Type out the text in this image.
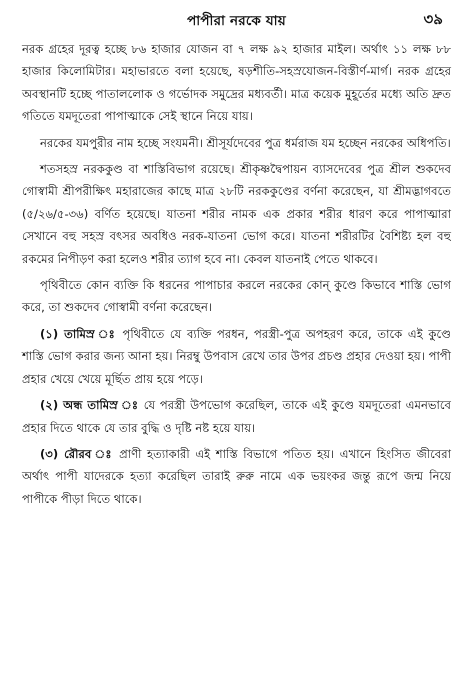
পাপীরা নরকে যায়	৩৯

নরক গ্রহের দূরত্ব হচ্ছে ৮৬ হাজার যোজন বা ৭ লক্ষ ৯২ হাজার মাইল। অর্থাৎ ১১ লক্ষ ৮৮ হাজার কিলোমিটার। মহাভারতে বলা হয়েছে, ষড়শীতি-সহস্রযোজন-বিস্তীর্ণ-মার্গ। নরক গ্রহের অবস্থানটি হচ্ছে পাতাললোক ও গর্ভোদক সমুদ্রের মধ্যবর্তী। মাত্র কয়েক মুহূর্তের মধ্যে অতি দ্রুত গতিতে যমদূতেরা পাপাত্মাকে সেই স্থানে নিয়ে যায়।

নরকের যমপুরীর নাম হচ্ছে সংযমনী। শ্রীসূর্যদেবের পুত্র ধর্মরাজ যম হচ্ছেন নরকের অধিপতি।

শতসহস্র নরককুণ্ড বা শাস্তিবিভাগ রয়েছে। শ্রীকৃষ্ণদ্বৈপায়ন ব্যাসদেবের পুত্র শ্রীল শুকদেব গোস্বামী শ্রীপরীক্ষিৎ মহারাজের কাছে মাত্র ২৮টি নরককুণ্ডের বর্ণনা করেছেন, যা শ্রীমদ্ভাগবতে (৫/২৬/৫-৩৬) বর্ণিত হয়েছে। যাতনা শরীর নামক এক প্রকার শরীর ধারণ করে পাপাত্মারা সেখানে বহু সহস্র বৎসর অবধিও নরক-যাতনা ভোগ করে। যাতনা শরীরটির বৈশিষ্ট্য হল বহু রকমের নিপীড়ণ করা হলেও শরীর ত্যাগ হবে না। কেবল যাতনাই পেতে থাকবে।

পৃথিবীতে কোন ব্যক্তি কি ধরনের পাপাচার করলে নরকের কোন্ কুণ্ডে কিভাবে শাস্তি ভোগ করে, তা শুকদেব গোস্বামী বর্ণনা করেছেন।

(১) তামিস্র ঃ পৃথিবীতে যে ব্যক্তি পরধন, পরস্ত্রী-পুত্র অপহরণ করে, তাকে এই কুণ্ডে শাস্তি ভোগ করার জন্য আনা হয়। নিরম্বু উপবাস রেখে তার উপর প্রচণ্ড প্রহার দেওয়া হয়। পাপী প্রহার খেয়ে খেয়ে মূর্ছিত প্রায় হয়ে পড়ে।

(২) অন্ধ তামিস্র ঃ যে পরস্ত্রী উপভোগ করেছিল, তাকে এই কুণ্ডে যমদূতেরা এমনভাবে প্রহার দিতে থাকে যে তার বুদ্ধি ও দৃষ্টি নষ্ট হয়ে যায়।

(৩) রৌরব ঃ প্রাণী হত্যাকারী এই শাস্তি বিভাগে পতিত হয়। এখানে হিংসিত জীবেরা অর্থাৎ পাপী যাদেরকে হত্যা করেছিল তারাই রুরু নামে এক ভয়ংকর জন্তু রূপে জন্ম নিয়ে পাপীকে পীড়া দিতে থাকে।
